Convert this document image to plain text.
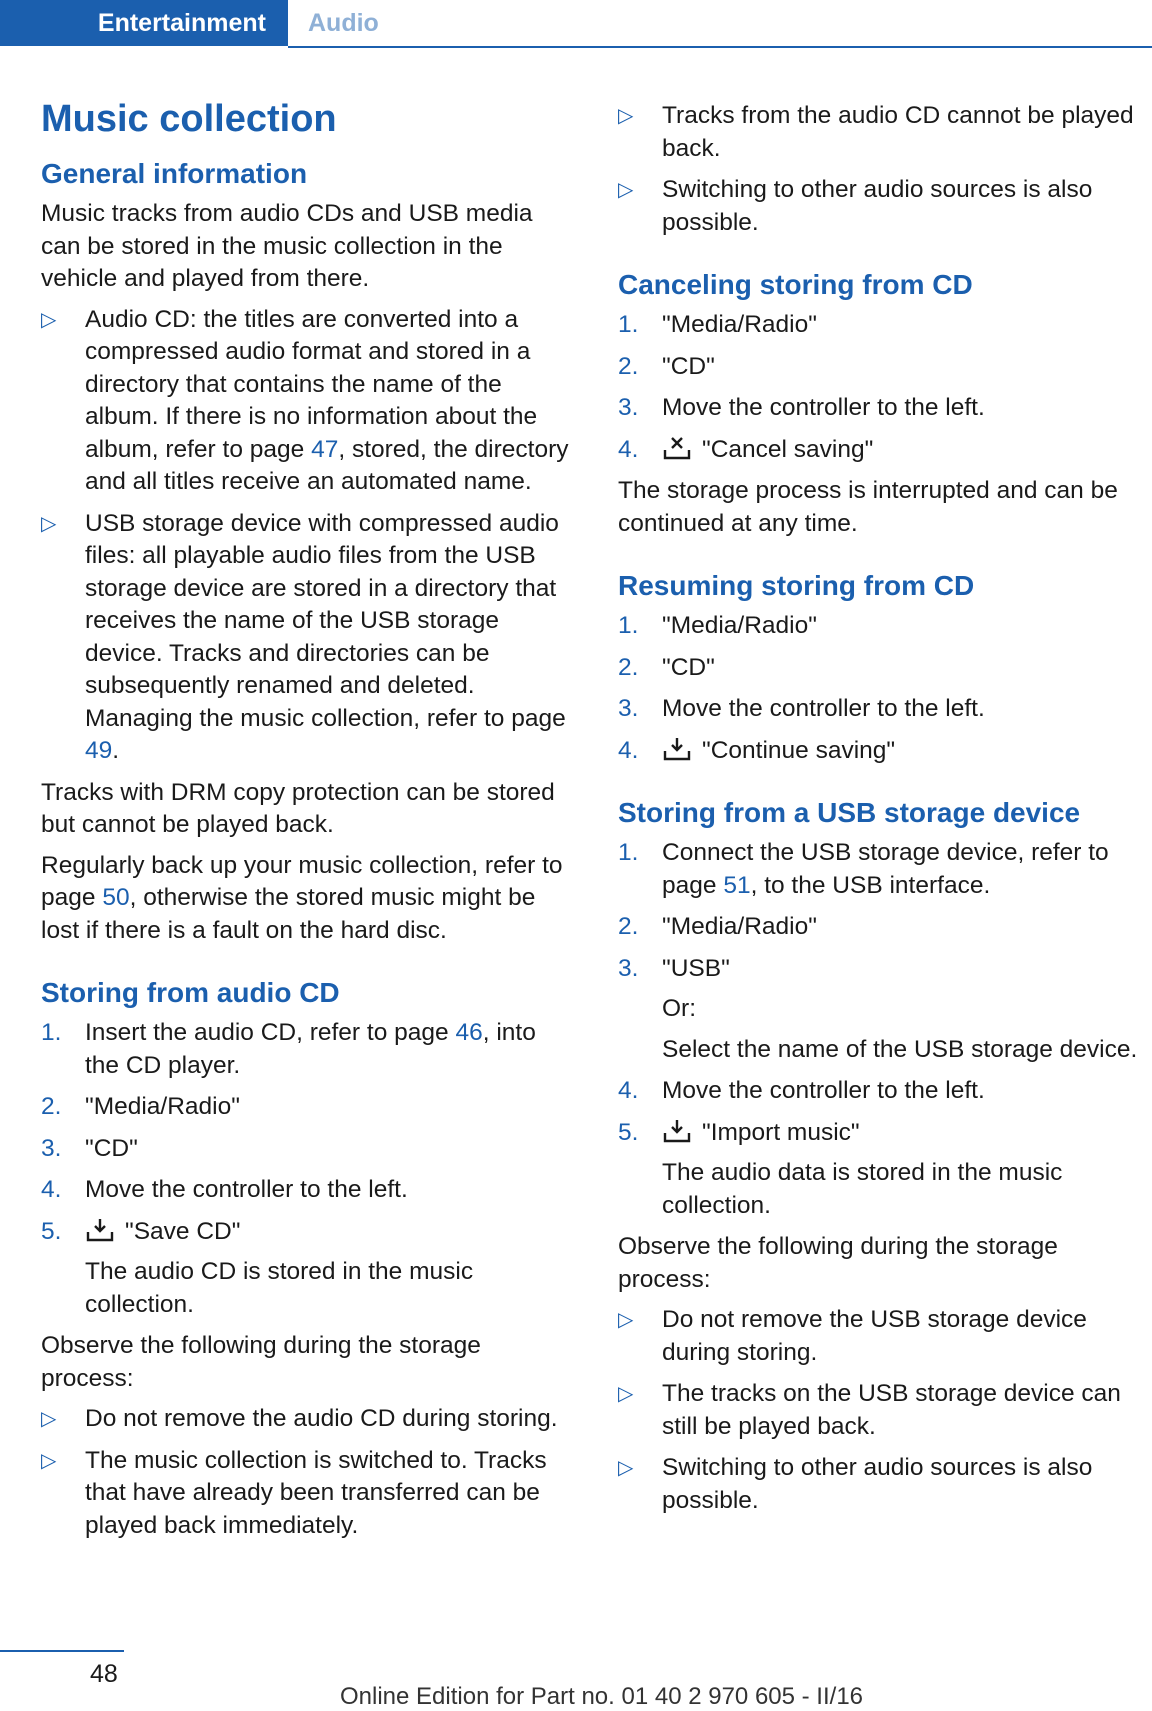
Entertainment	Audio
Music collection
General information

Music tracks from audio CDs and USB media can be stored in the music collection in the vehicle and played from there.

▷	Audio CD: the titles are converted into a compressed audio format and stored in a directory that contains the name of the album. If there is no information about the album, refer to page 47, stored, the directory and all titles receive an automated name.
▷	USB storage device with compressed audio files: all playable audio files from the USB storage device are stored in a directory that receives the name of the USB storage device. Tracks and directories can be subsequently renamed and deleted. Managing the music collection, refer to page 49.

Tracks with DRM copy protection can be stored but cannot be played back.

Regularly back up your music collection, refer to page 50, otherwise the stored music might be lost if there is a fault on the hard disc.

Storing from audio CD
1. Insert the audio CD, refer to page 46, into the CD player.
2. "Media/Radio"
3. "CD"
4. Move the controller to the left.
5.	"Save CD"
The audio CD is stored in the music collection.

Observe the following during the storage process:

▷	Do not remove the audio CD during storing.
▷	The music collection is switched to. Tracks that have already been transferred can be played back immediately.
▷	Tracks from the audio CD cannot be played back.
▷	Switching to other audio sources is also possible.
Canceling storing from CD
1. "Media/Radio"
2. "CD"
3. Move the controller to the left.
4.	"Cancel saving"

The storage process is interrupted and can be continued at any time.

Resuming storing from CD
1. "Media/Radio"
2. "CD"
3. Move the controller to the left.
4.	"Continue saving"
Storing from a USB storage device
1. Connect the USB storage device, refer to page 51, to the USB interface.
2. "Media/Radio"
3. "USB"
Or:
Select the name of the USB storage device.
4. Move the controller to the left.
5.	"Import music"
The audio data is stored in the music collection.

Observe the following during the storage process:

▷	Do not remove the USB storage device during storing.
▷	The tracks on the USB storage device can still be played back.
▷	Switching to other audio sources is also possible.
48
Online Edition for Part no. 01 40 2 970 605 - II/16
